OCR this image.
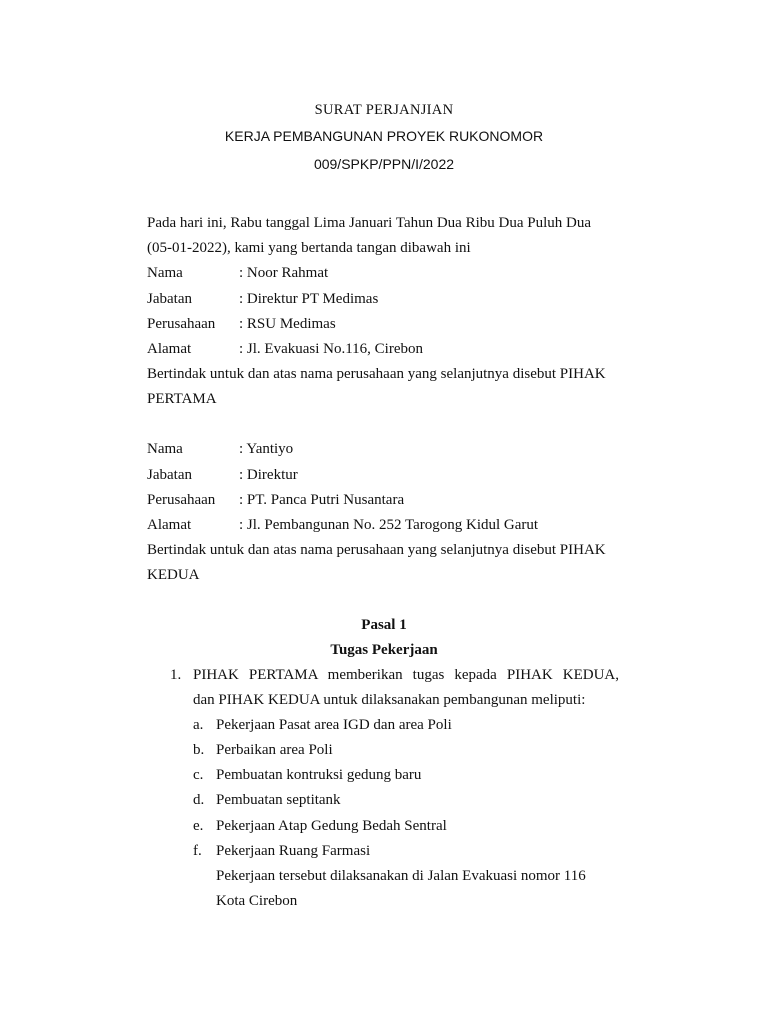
SURAT PERJANJIAN
KERJA PEMBANGUNAN PROYEK RUKONOMOR
009/SPKP/PPN/I/2022
Pada hari ini, Rabu tanggal Lima Januari Tahun Dua Ribu Dua Puluh Dua
(05-01-2022), kami yang bertanda tangan dibawah ini
Nama	: Noor Rahmat
Jabatan	: Direktur PT Medimas
Perusahaan : RSU Medimas
Alamat	: Jl. Evakuasi No.116, Cirebon
Bertindak untuk dan atas nama perusahaan yang selanjutnya disebut PIHAK
PERTAMA
Nama	: Yantiyo
Jabatan	: Direktur
Perusahaan : PT. Panca Putri Nusantara
Alamat	: Jl. Pembangunan No. 252 Tarogong Kidul Garut
Bertindak untuk dan atas nama perusahaan yang selanjutnya disebut PIHAK
KEDUA
Pasal 1
Tugas Pekerjaan
1. PIHAK PERTAMA memberikan tugas kepada PIHAK KEDUA,
dan PIHAK KEDUA untuk dilaksanakan pembangunan meliputi:
a. Pekerjaan Pasat area IGD dan area Poli
b. Perbaikan area Poli
c. Pembuatan kontruksi gedung baru
d. Pembuatan septitank
e. Pekerjaan Atap Gedung Bedah Sentral
f. Pekerjaan Ruang Farmasi
Pekerjaan tersebut dilaksanakan di Jalan Evakuasi nomor 116
Kota Cirebon
